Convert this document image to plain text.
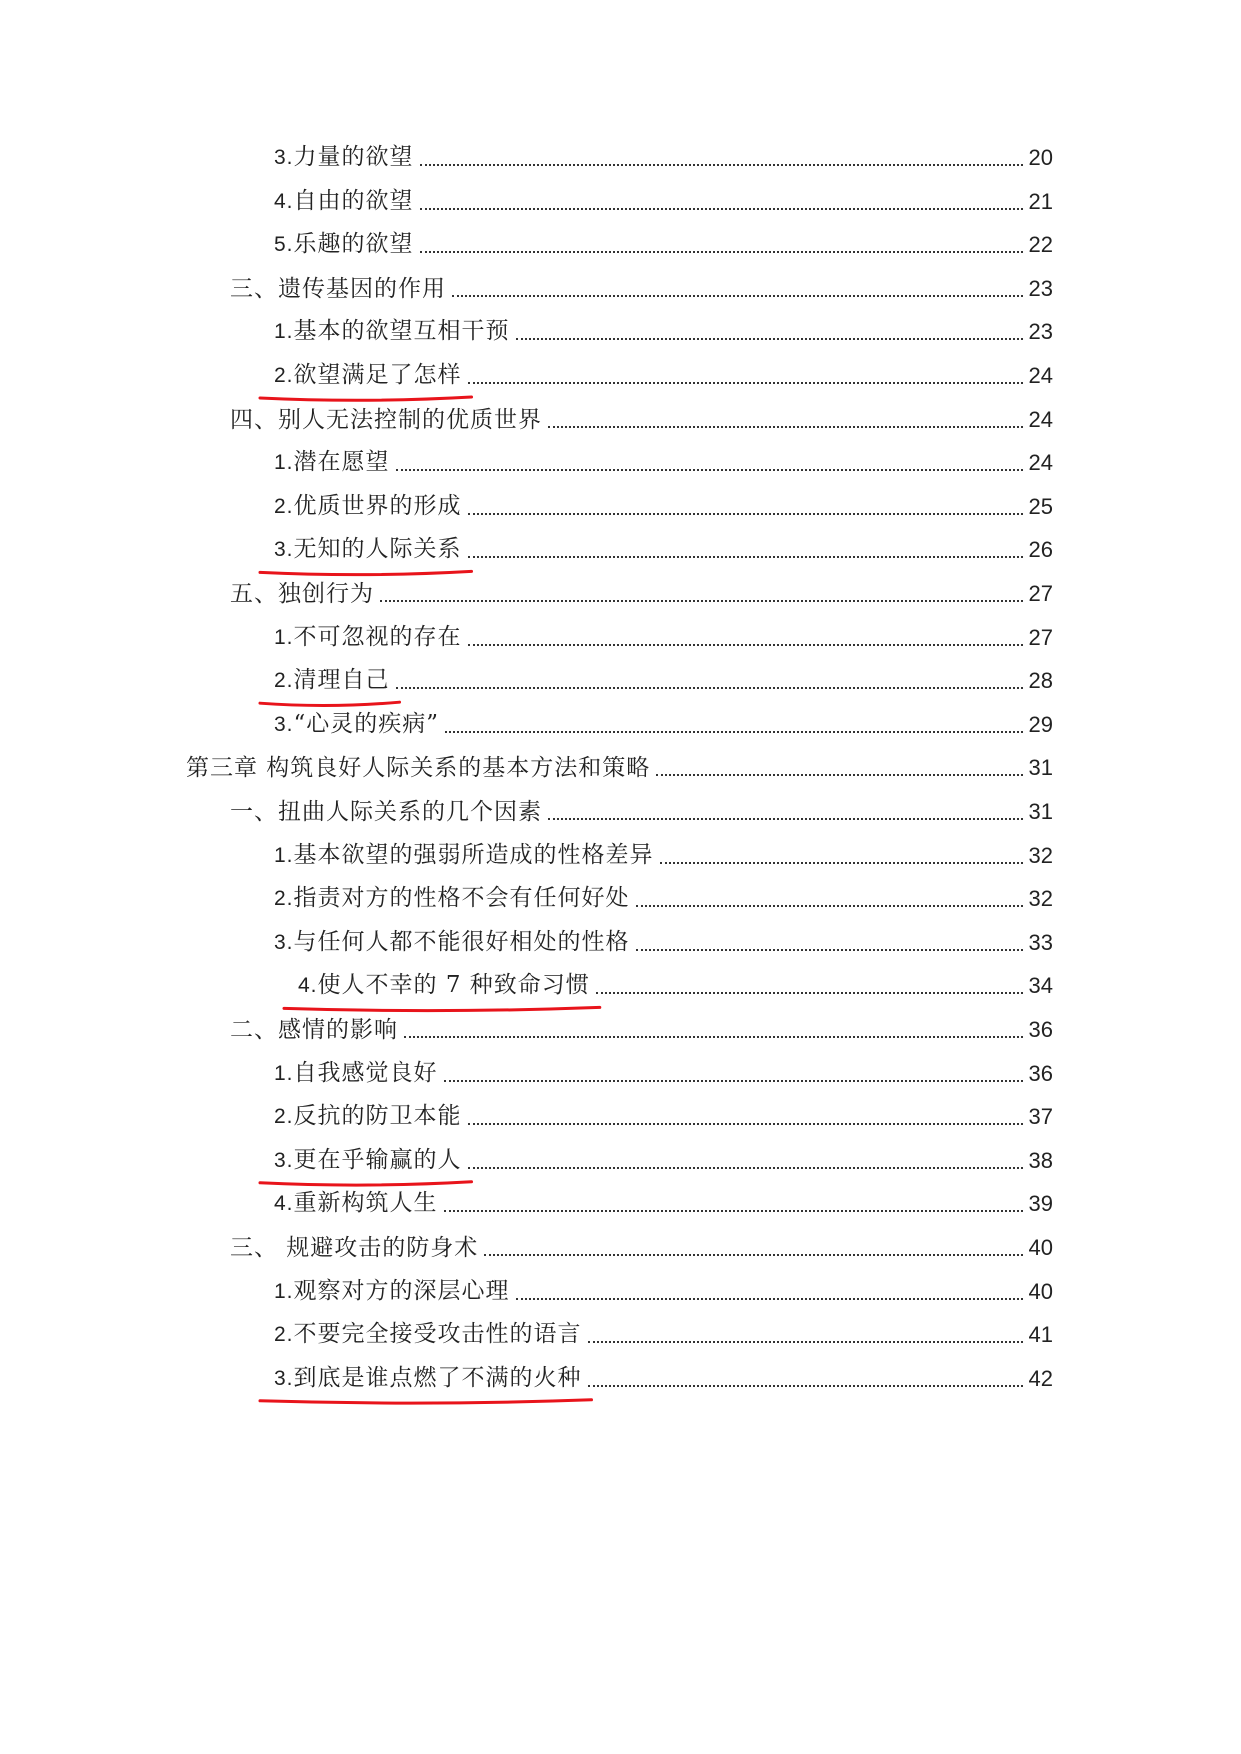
3.力量的欲望	20
4.自由的欲望	21
5.乐趣的欲望	22
三、遗传基因的作用	23
1.基本的欲望互相干预	23
2.欲望满足了怎样	24
四、别人无法控制的优质世界	24
1.潜在愿望	24
2.优质世界的形成	25
3.无知的人际关系	26
五、独创行为	27
1.不可忽视的存在	27
2.清理自己	28
3.“心灵的疾病”	29
第三章 构筑良好人际关系的基本方法和策略	31
一、扭曲人际关系的几个因素	31
1.基本欲望的强弱所造成的性格差异	32
2.指责对方的性格不会有任何好处	32
3.与任何人都不能很好相处的性格	33
4.使人不幸的 7 种致命习惯	34
二、感情的影响	36
1.自我感觉良好	36
2.反抗的防卫本能	37
3.更在乎输赢的人	38
4.重新构筑人生	39
三、 规避攻击的防身术	40
1.观察对方的深层心理	40
2.不要完全接受攻击性的语言	41
3.到底是谁点燃了不满的火种	42
